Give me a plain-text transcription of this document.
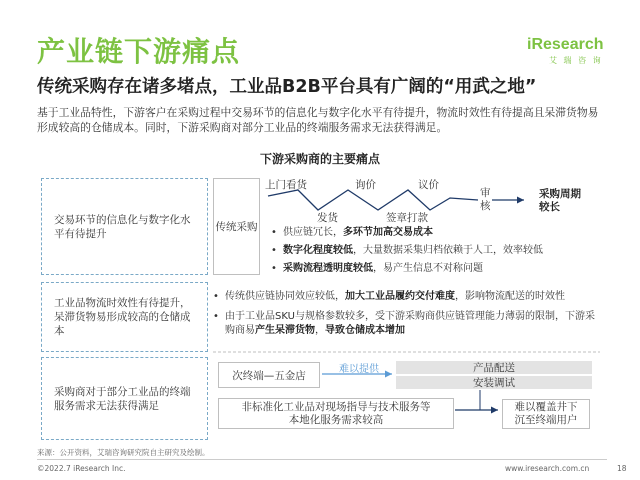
产业链下游痛点	iResearch
艾 瑞 咨 询
传统采购存在诸多堵点，工业品B2B平台具有广阔的“用武之地”
基于工业品特性，下游客户在采购过程中交易环节的信息化与数字化水平有待提升，物流时效性有待提高且呆滞货物易形成较高的仓储成本。同时，下游采购商对部分工业品的终端服务需求无法获得满足。
下游采购商的主要痛点
交易环节的信息化与数字化水平有待提升
工业品物流时效性有待提升，呆滞货物易形成较高的仓储成本
采购商对于部分工业品的终端服务需求无法获得满足
传统采购
上门看货	询价	议价
发货	签章打款
审核
采购周期较长
• 供应链冗长，多环节加高交易成本
• 数字化程度较低，大量数据采集归档依赖于人工，效率较低
• 采购流程透明度较低，易产生信息不对称问题
• 传统供应链协同效应较低，加大工业品履约交付难度，影响物流配送的时效性
• 由于工业品SKU与规格参数较多，受下游采购商供应链管理能力薄弱的限制，下游采购商易产生呆滞货物，导致仓储成本增加
次终端—五金店	难以提供	产品配送
安装调试
非标准化工业品对现场指导与技术服务等本地化服务需求较高
难以覆盖井下沉至终端用户
来源：公开资料，艾瑞咨询研究院自主研究及绘制。
©2022.7 iResearch Inc.	www.iresearch.com.cn	18
